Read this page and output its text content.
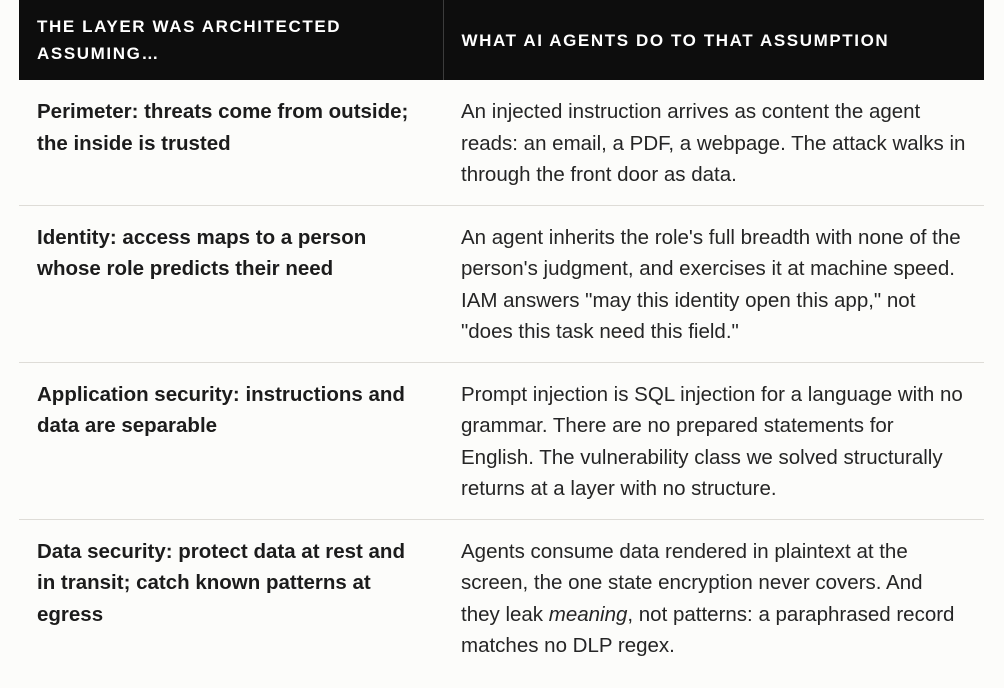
THE LAYER WAS ARCHITECTED ASSUMING…	WHAT AI AGENTS DO TO THAT ASSUMPTION
Perimeter: threats come from outside; the inside is trusted	An injected instruction arrives as content the agent reads: an email, a PDF, a webpage. The attack walks in through the front door as data.
Identity: access maps to a person whose role predicts their need	An agent inherits the role's full breadth with none of the person's judgment, and exercises it at machine speed. IAM answers "may this identity open this app," not "does this task need this field."
Application security: instructions and data are separable	Prompt injection is SQL injection for a language with no grammar. There are no prepared statements for English. The vulnerability class we solved structurally returns at a layer with no structure.
Data security: protect data at rest and in transit; catch known patterns at egress	Agents consume data rendered in plaintext at the screen, the one state encryption never covers. And they leak meaning, not patterns: a paraphrased record matches no DLP regex.
